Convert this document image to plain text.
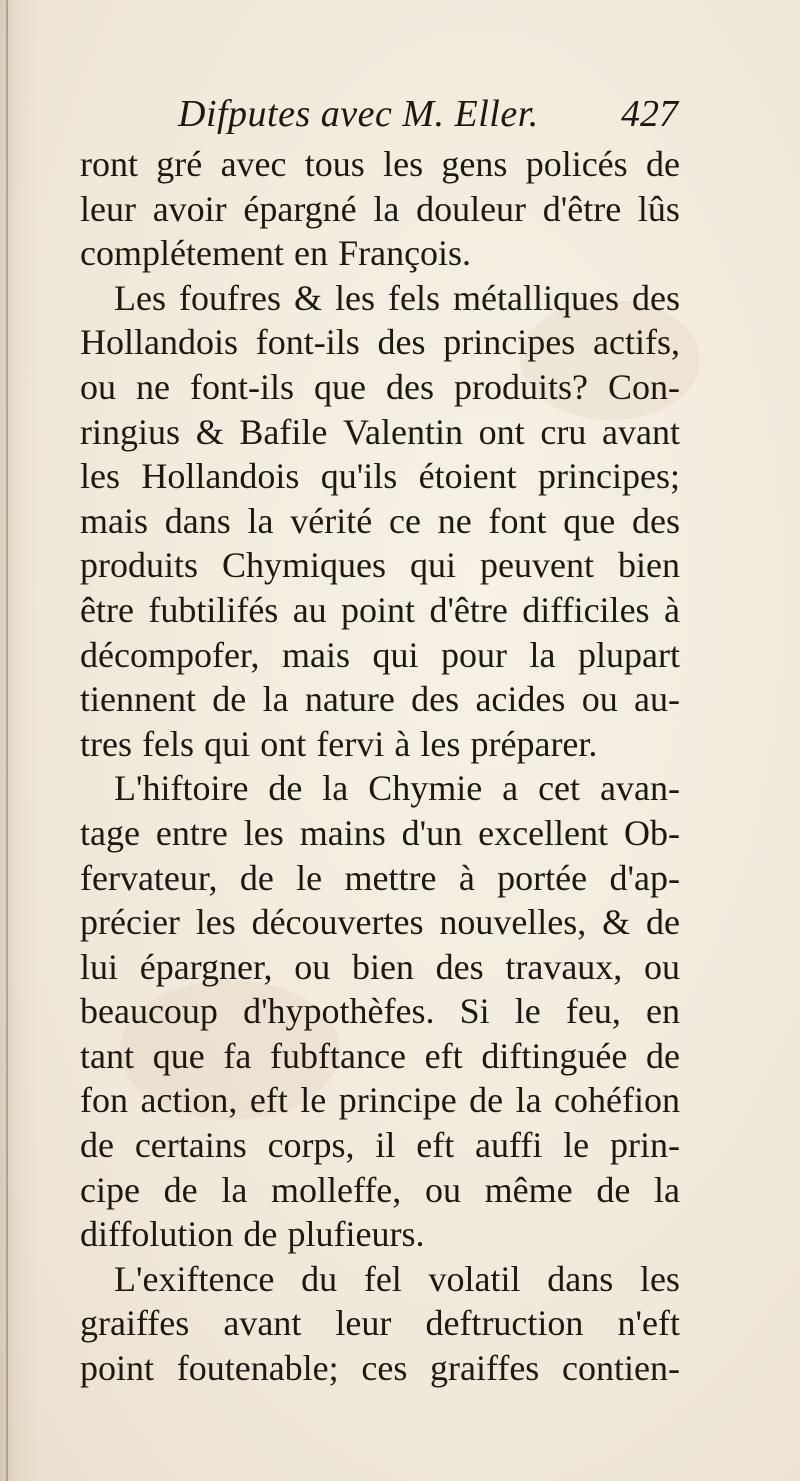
Difputes avec M. Eller. 427
ront gré avec tous les gens policés de
leur avoir épargné la douleur d'être lûs
complétement en François.
Les foufres & les fels métalliques des
Hollandois font-ils des principes actifs,
ou ne font-ils que des produits? Con-
ringius & Bafile Valentin ont cru avant
les Hollandois qu'ils étoient principes;
mais dans la vérité ce ne font que des
produits Chymiques qui peuvent bien
être fubtilifés au point d'être difficiles à
décompofer, mais qui pour la plupart
tiennent de la nature des acides ou au-
tres fels qui ont fervi à les préparer.
L'hiftoire de la Chymie a cet avan-
tage entre les mains d'un excellent Ob-
fervateur, de le mettre à portée d'ap-
précier les découvertes nouvelles, & de
lui épargner, ou bien des travaux, ou
beaucoup d'hypothèfes. Si le feu, en
tant que fa fubftance eft diftinguée de
fon action, eft le principe de la cohéfion
de certains corps, il eft auffi le prin-
cipe de la molleffe, ou même de la
diffolution de plufieurs.
L'exiftence du fel volatil dans les
graiffes avant leur deftruction n'eft
point foutenable; ces graiffes contien-
